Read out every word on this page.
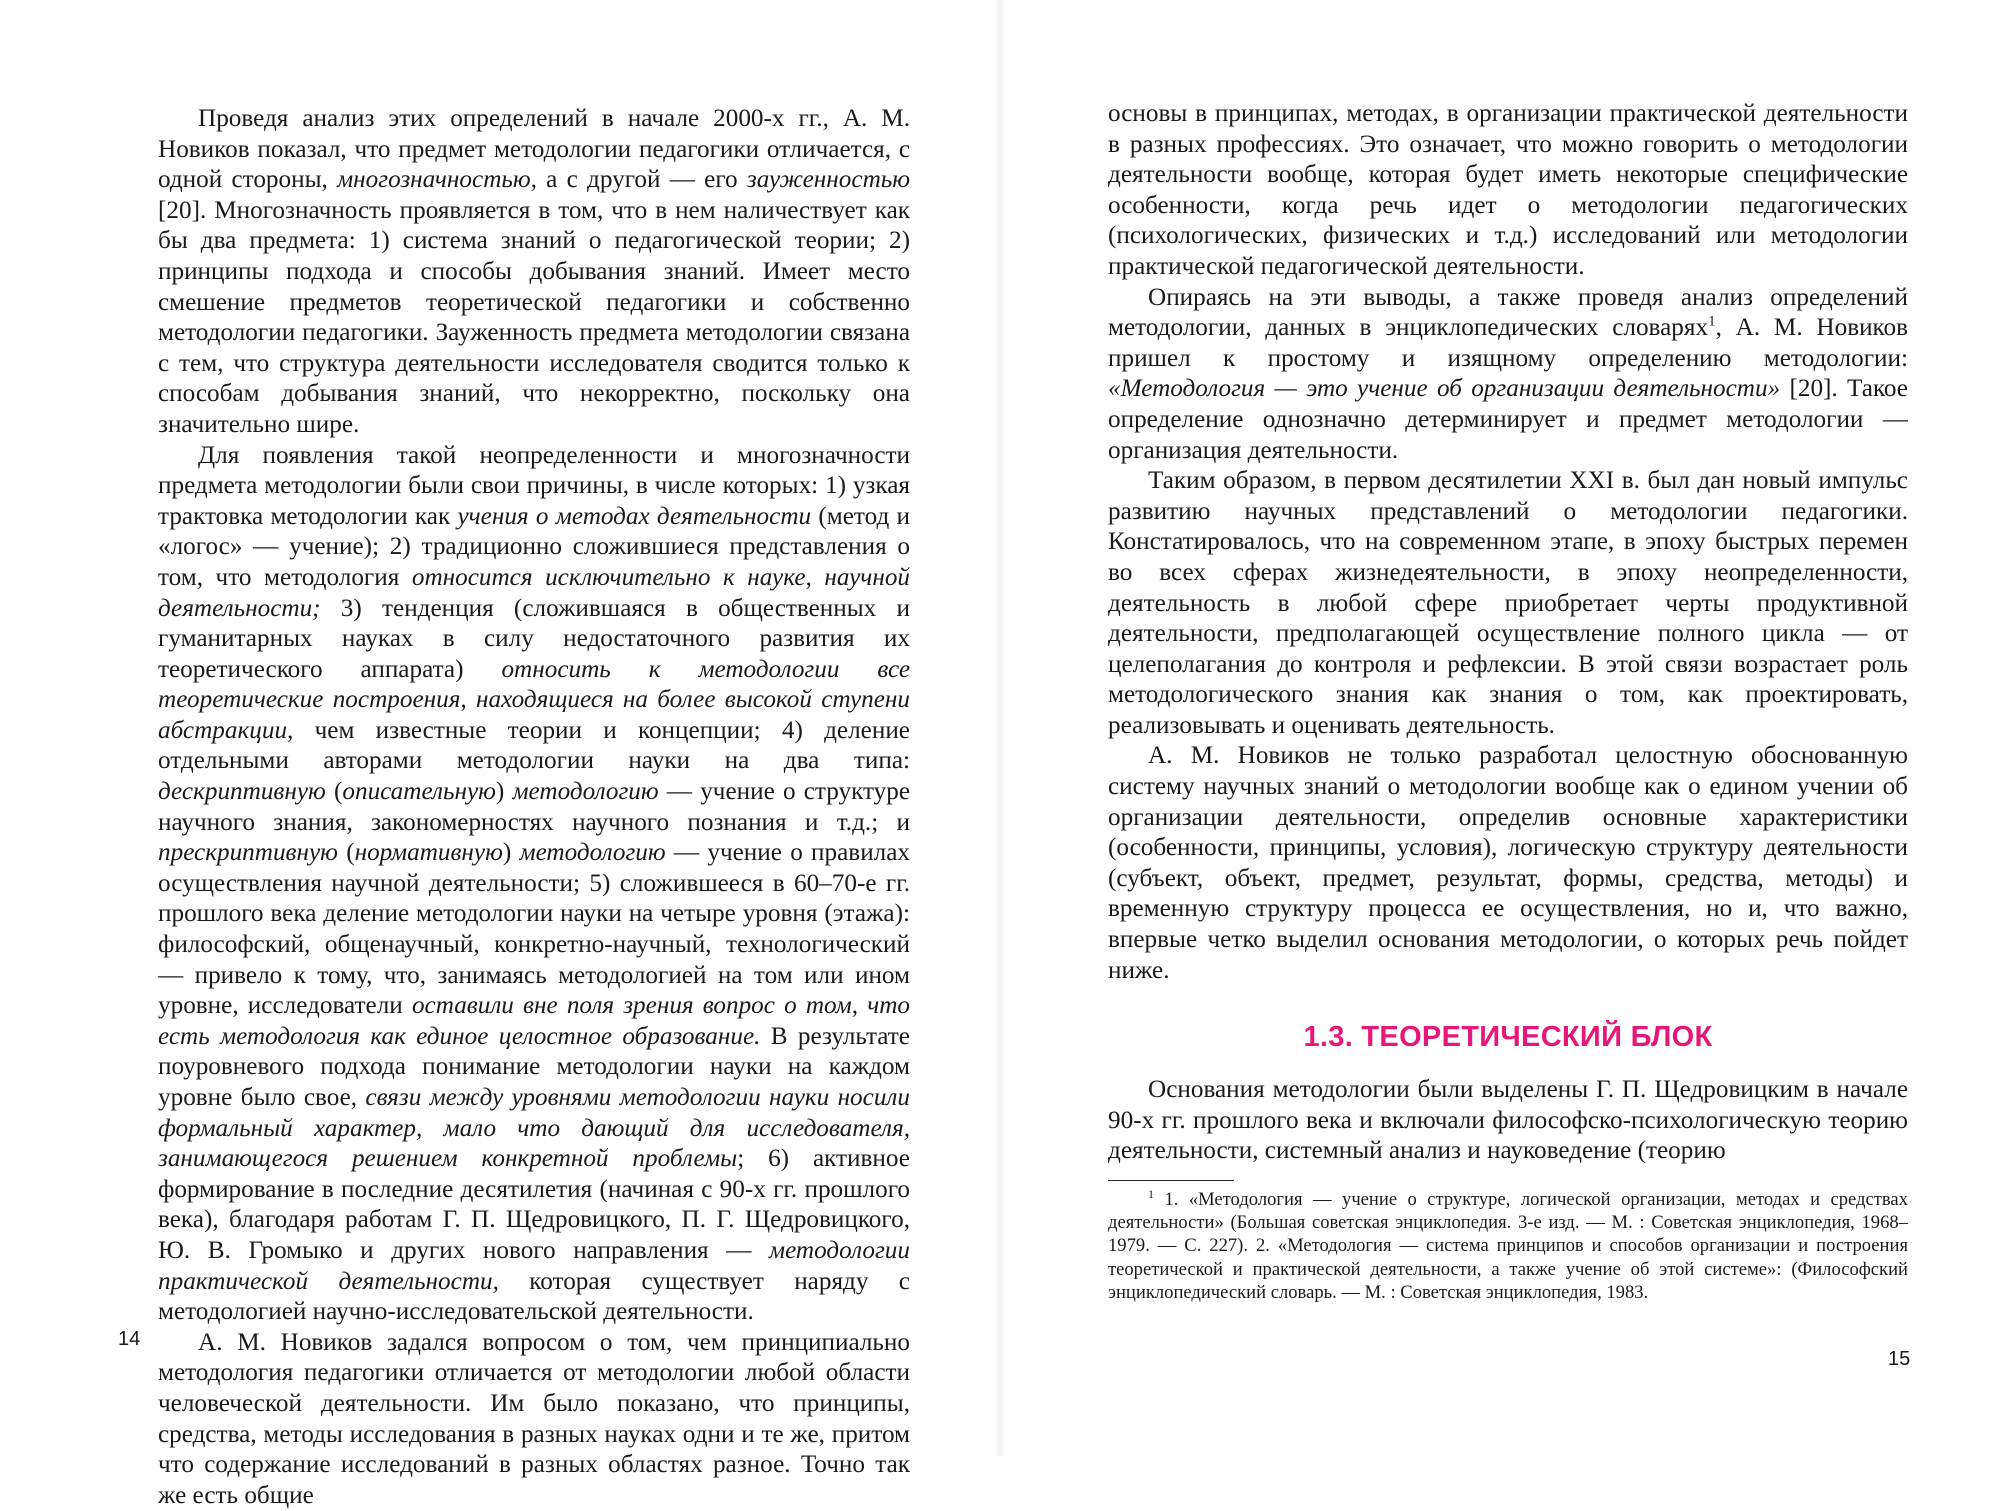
Проведя анализ этих определений в начале 2000-х гг., А. М. Новиков показал, что предмет методологии педагогики отличается, с одной стороны, многозначностью, а с другой — его зауженностью [20]. Многозначность проявляется в том, что в нем наличествует как бы два предмета: 1) система знаний о педагогической теории; 2) принципы подхода и способы добывания знаний. Имеет место смешение предметов теоретической педагогики и собственно методологии педагогики. Зауженность предмета методологии связана с тем, что структура деятельности исследователя сводится только к способам добывания знаний, что некорректно, поскольку она значительно шире.

Для появления такой неопределенности и многозначности предмета методологии были свои причины, в числе которых: 1) узкая трактовка методологии как учения о методах деятельности (метод и «логос» — учение); 2) традиционно сложившиеся представления о том, что методология относится исключительно к науке, научной деятельности; 3) тенденция (сложившаяся в общественных и гуманитарных науках в силу недостаточного развития их теоретического аппарата) относить к методологии все теоретические построения, находящиеся на более высокой ступени абстракции, чем известные теории и концепции; 4) деление отдельными авторами методологии науки на два типа: дескриптивную (описательную) методологию — учение о структуре научного знания, закономерностях научного познания и т.д.; и прескриптивную (нормативную) методологию — учение о правилах осуществления научной деятельности; 5) сложившееся в 60–70-е гг. прошлого века деление методологии науки на четыре уровня (этажа): философский, общенаучный, конкретно-научный, технологический — привело к тому, что, занимаясь методологией на том или ином уровне, исследователи оставили вне поля зрения вопрос о том, что есть методология как единое целостное образование. В результате поуровневого подхода понимание методологии науки на каждом уровне было свое, связи между уровнями методологии науки носили формальный характер, мало что дающий для исследователя, занимающегося решением конкретной проблемы; 6) активное формирование в последние десятилетия (начиная с 90-х гг. прошлого века), благодаря работам Г. П. Щедровицкого, П. Г. Щедровицкого, Ю. В. Громыко и других нового направления — методологии практической деятельности, которая существует наряду с методологией научно-исследовательской деятельности.

А. М. Новиков задался вопросом о том, чем принципиально методология педагогики отличается от методологии любой области человеческой деятельности. Им было показано, что принципы, средства, методы исследования в разных науках одни и те же, притом что содержание исследований в разных областях разное. Точно так же есть общие

14

основы в принципах, методах, в организации практической деятельности в разных профессиях. Это означает, что можно говорить о методологии деятельности вообще, которая будет иметь некоторые специфические особенности, когда речь идет о методологии педагогических (психологических, физических и т.д.) исследований или методологии практической педагогической деятельности.

Опираясь на эти выводы, а также проведя анализ определений методологии, данных в энциклопедических словарях$^1$, А. М. Новиков пришел к простому и изящному определению методологии: «Методология — это учение об организации деятельности» [20]. Такое определение однозначно детерминирует и предмет методологии — организация деятельности.

Таким образом, в первом десятилетии XXI в. был дан новый импульс развитию научных представлений о методологии педагогики. Констатировалось, что на современном этапе, в эпоху быстрых перемен во всех сферах жизнедеятельности, в эпоху неопределенности, деятельность в любой сфере приобретает черты продуктивной деятельности, предполагающей осуществление полного цикла — от целеполагания до контроля и рефлексии. В этой связи возрастает роль методологического знания как знания о том, как проектировать, реализовывать и оценивать деятельность.

А. М. Новиков не только разработал целостную обоснованную систему научных знаний о методологии вообще как о едином учении об организации деятельности, определив основные характеристики (особенности, принципы, условия), логическую структуру деятельности (субъект, объект, предмет, результат, формы, средства, методы) и временную структуру процесса ее осуществления, но и, что важно, впервые четко выделил основания методологии, о которых речь пойдет ниже.

1.3. ТЕОРЕТИЧЕСКИЙ БЛОК

Основания методологии были выделены Г. П. Щедровицким в начале 90-х гг. прошлого века и включали философско-психологическую теорию деятельности, системный анализ и науковедение (теорию

$^1$ 1. «Методология — учение о структуре, логической организации, методах и средствах деятельности» (Большая советская энциклопедия. 3-е изд. — М. : Советская энциклопедия, 1968–1979. — С. 227). 2. «Методология — система принципов и способов организации и построения теоретической и практической деятельности, а также учение об этой системе»: (Философский энциклопедический словарь. — М. : Советская энциклопедия, 1983.

15
